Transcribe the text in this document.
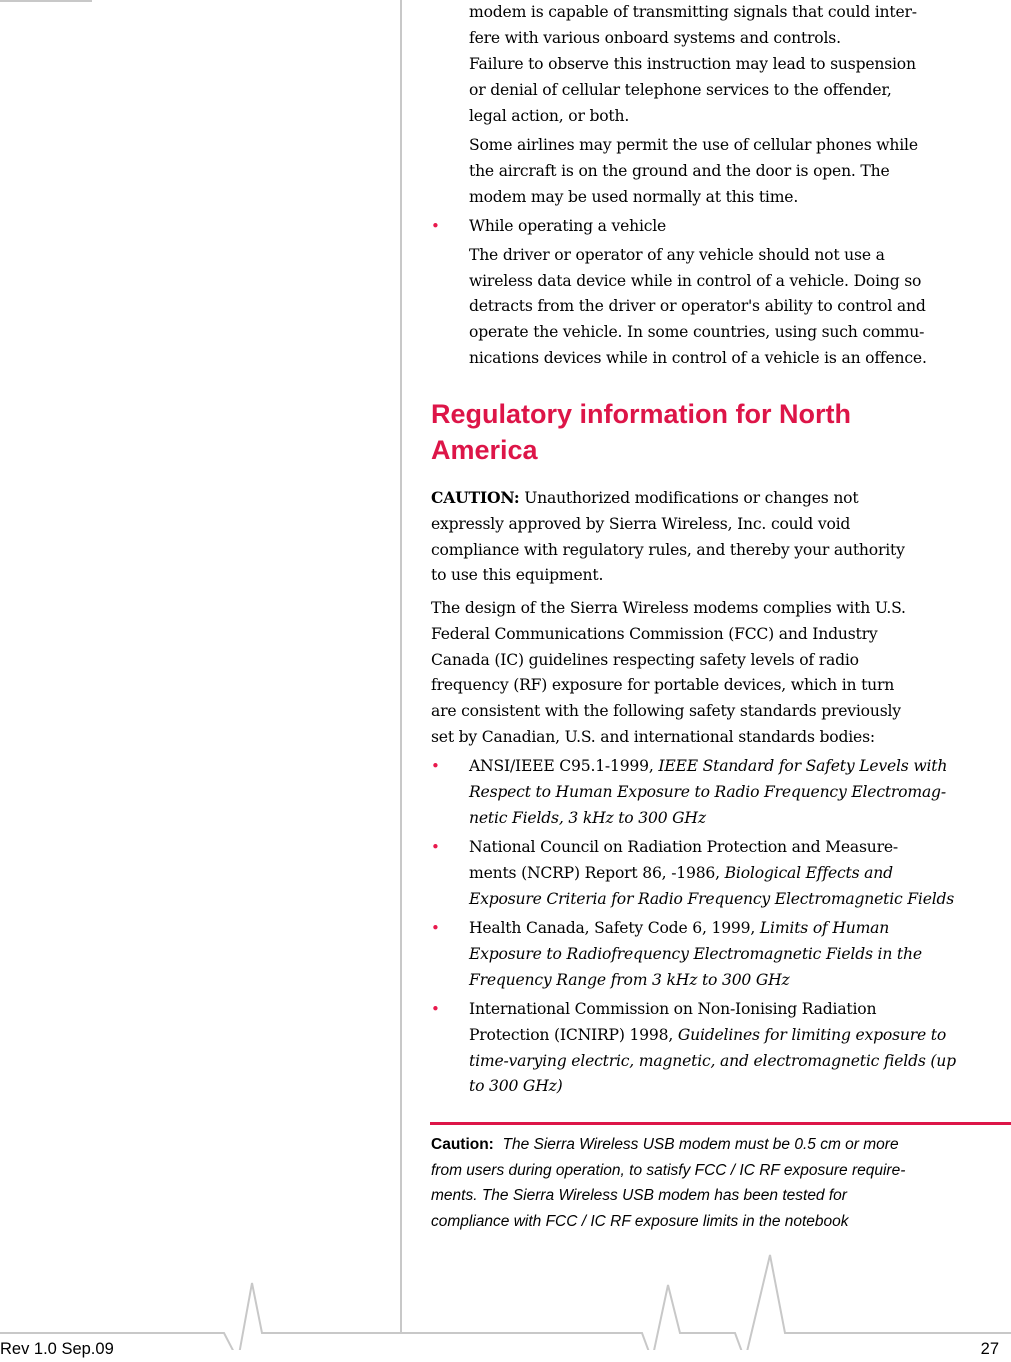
modem is capable of transmitting signals that could inter-
fere with various onboard systems and controls.

Failure to observe this instruction may lead to suspension
or denial of cellular telephone services to the offender,
legal action, or both.

Some airlines may permit the use of cellular phones while
the aircraft is on the ground and the door is open. The
modem may be used normally at this time.

•	While operating a vehicle
The driver or operator of any vehicle should not use a
wireless data device while in control of a vehicle. Doing so
detracts from the driver or operator's ability to control and
operate the vehicle. In some countries, using such commu-
nications devices while in control of a vehicle is an offence.
Regulatory information for North
America

CAUTION: Unauthorized modifications or changes not
expressly approved by Sierra Wireless, Inc. could void
compliance with regulatory rules, and thereby your authority
to use this equipment.

The design of the Sierra Wireless modems complies with U.S.
Federal Communications Commission (FCC) and Industry
Canada (IC) guidelines respecting safety levels of radio
frequency (RF) exposure for portable devices, which in turn
are consistent with the following safety standards previously
set by Canadian, U.S. and international standards bodies:

•	ANSI/IEEE C95.1-1999, IEEE Standard for Safety Levels with
Respect to Human Exposure to Radio Frequency Electromag-
netic Fields, 3 kHz to 300 GHz
•	National Council on Radiation Protection and Measure-
ments (NCRP) Report 86, -1986, Biological Effects and
Exposure Criteria for Radio Frequency Electromagnetic Fields
•	Health Canada, Safety Code 6, 1999, Limits of Human
Exposure to Radiofrequency Electromagnetic Fields in the
Frequency Range from 3 kHz to 300 GHz
•	International Commission on Non-Ionising Radiation
Protection (ICNIRP) 1998, Guidelines for limiting exposure to
time-varying electric, magnetic, and electromagnetic fields (up
to 300 GHz)

Caution: The Sierra Wireless USB modem must be 0.5 cm or more
from users during operation, to satisfy FCC / IC RF exposure require-
ments. The Sierra Wireless USB modem has been tested for
compliance with FCC / IC RF exposure limits in the notebook

Rev 1.0 Sep.09	27
